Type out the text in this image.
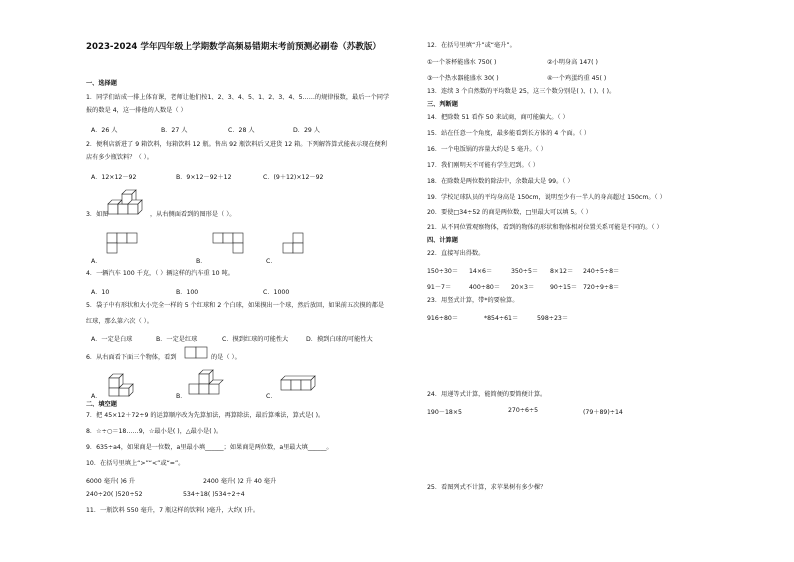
2023-2024 学年四年级上学期数学高频易错期末考前预测必刷卷（苏教版）
一、选择题
1．同学们站成一排上体育课，老师让他们按1、2、3、4、5、1、2、3、4、5……的规律报数，最后一个同学
报的数是 4，这一排他的人数是（ ）
A．26 人	B．27 人	C．28 人	D．29 人
2．便利店新进了 9 箱饮料，每箱饮料 12 瓶。售出 92 瓶饮料后又进货 12 箱。下列解答算式能表示现在便利
店有多少瓶饮料？（ ）。
A．12×12－92	B．9×12－92＋12	C．(9＋12)×12－92
3．如图	，从右侧面看到的图形是（ ）。
A．	B．	C．
4．一辆汽车 100 千克，（ ）辆这样的汽车重 10 吨。
A．10	B．100	C．1000
5．袋子中有形状和大小完全一样的 5 个红球和 2 个白球，如果摸出一个球，然后放回，如果前五次摸的都是
红球，那么第六次（ ）。
A．一定是白球	B．一定是红球	C．摸到红球的可能性大	D．摸到白球的可能性大
6．从右面看下面三个物体，看到	的是（ ）。
A．	B．	C．
二、填空题
7．把 45×12＋72÷9 的运算顺序改为先算加法，再算除法，最后算乘法，算式是( )。
8．☆÷○＝18……9，☆最小是( )，△最小是( )。
9．635÷a4，如果商是一位数，a里最小填______；如果商是两位数，a里最大填______。
10．在括号里填上“>”“<”或“=”。
6000 毫升( )6 升	2400 毫升( )2 升 40 毫升
240÷20( )520÷52	534÷18( )534÷2÷4
11．一瓶饮料 550 毫升，7 瓶这样的饮料( )毫升，大约( )升。
12．在括号里填“升”或“毫升”。
①一个茶杯能盛水 750( )	②小明身高 147( )
③一个热水器能盛水 30( )	④一个鸡蛋约重 45( )
13．连续 3 个自然数的平均数是 25，这三个数分别是( )、( )、( )。
三、判断题
14．把除数 51 看作 50 来试商，商可能偏大。（ ）
15．站在任意一个角度，最多能看到长方体的 4 个面。（ ）
16．一个电饭锅的容量大约是 5 毫升。（ ）
17．我们刚明天不可能有学生迟到。（ ）
18．在除数是两位数的除法中，余数最大是 99。（ ）
19．学校足球队员的平均身高是 150cm，说明至少有一半人的身高超过 150cm。（ ）
20．要使□34÷52 的商是两位数，□里最大可以填 5。（ ）
21．从不同位置观察物体，看到的物体的形状和物体相对位置关系可能是不同的。（ ）
四、计算题
22．直接写出得数。
150÷30＝ 14×6＝	350÷5＝ 8×12＝ 240÷5÷8＝
91－7＝	400÷80＝ 20×3＝	90÷15＝ 720÷9÷8＝
23．用竖式计算，带*的要验算。
916÷80＝	*854÷61＝	598÷23＝
24．用递等式计算，能简便的要简便计算。
190－18×5	270÷6÷5	(79＋89)÷14
25．看图列式不计算，求苹果树有多少棵？
